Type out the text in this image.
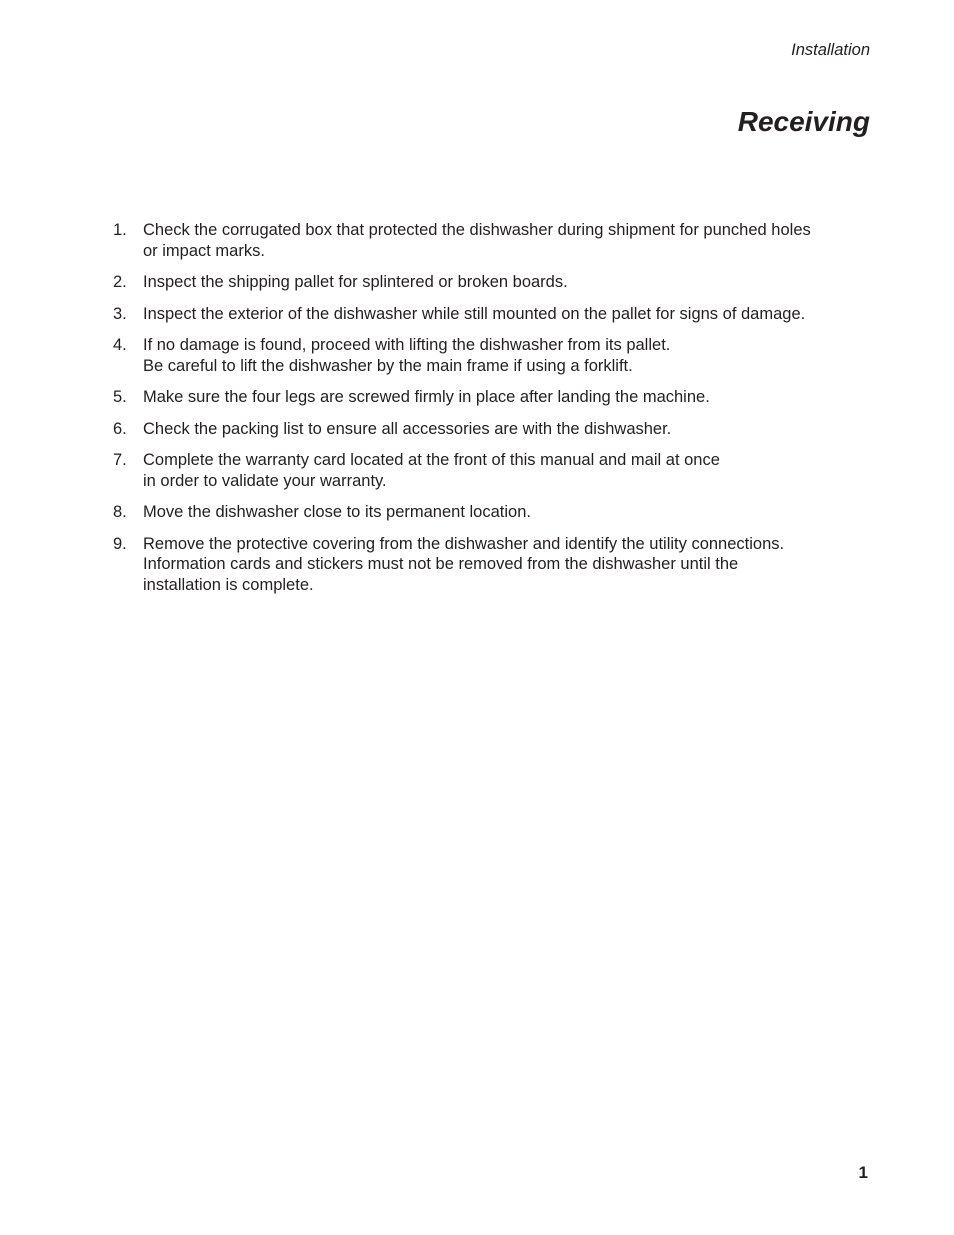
Installation
Receiving
1. Check the corrugated box that protected the dishwasher during shipment for punched holes
or impact marks.
2. Inspect the shipping pallet for splintered or broken boards.
3. Inspect the exterior of the dishwasher while still mounted on the pallet for signs of damage.
4. If no damage is found, proceed with lifting the dishwasher from its pallet.
Be careful to lift the dishwasher by the main frame if using a forklift.
5. Make sure the four legs are screwed firmly in place after landing the machine.
6. Check the packing list to ensure all accessories are with the dishwasher.
7. Complete the warranty card located at the front of this manual and mail at once
in order to validate your warranty.
8. Move the dishwasher close to its permanent location.
9. Remove the protective covering from the dishwasher and identify the utility connections.
Information cards and stickers must not be removed from the dishwasher until the
installation is complete.
1
